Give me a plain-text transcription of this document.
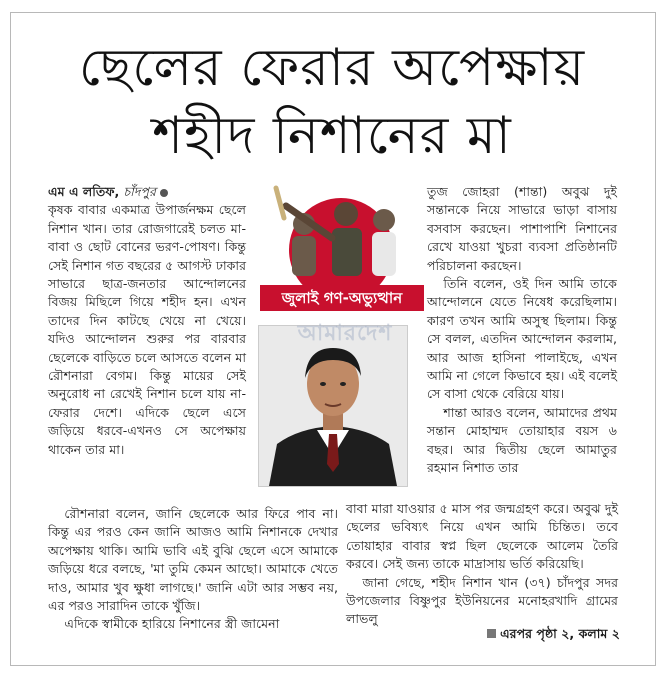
ছেলের ফেরার অপেক্ষায়
শহীদ নিশানের মা

এম এ লতিফ, চাঁদপুর

কৃষক বাবার একমাত্র উপার্জনক্ষম ছেলে নিশান খান। তার রোজগারেই চলত মা-বাবা ও ছোট বোনের ভরণ-পোষণ। কিন্তু সেই নিশান গত বছরের ৫ আগস্ট ঢাকার সাভারে ছাত্র-জনতার আন্দোলনের বিজয় মিছিলে গিয়ে শহীদ হন। এখন তাদের দিন কাটছে খেয়ে না খেয়ে। যদিও আন্দোলন শুরুর পর বারবার ছেলেকে বাড়িতে চলে আসতে বলেন মা রৌশনারা বেগম। কিন্তু মায়ের সেই অনুরোধ না রেখেই নিশান চলে যায় না-ফেরার দেশে। এদিকে ছেলে এসে জড়িয়ে ধরবে-এখনও সে অপেক্ষায় থাকেন তার মা।

জুলাই গণ-অভ্যুত্থান
আমারদেশ

তুজ জোহরা (শান্তা) অবুঝ দুই সন্তানকে নিয়ে সাভারে ভাড়া বাসায় বসবাস করছেন। পাশাপাশি নিশানের রেখে যাওয়া খুচরা ব্যবসা প্রতিষ্ঠানটি পরিচালনা করছেন।

তিনি বলেন, ওই দিন আমি তাকে আন্দোলনে যেতে নিষেধ করেছিলাম। কারণ তখন আমি অসুস্থ ছিলাম। কিন্তু সে বলল, এতদিন আন্দোলন করলাম, আর আজ হাসিনা পালাইছে, এখন আমি না গেলে কিভাবে হয়। এই বলেই সে বাসা থেকে বেরিয়ে যায়।

শান্তা আরও বলেন, আমাদের প্রথম সন্তান মোহাম্মদ তোয়াহার বয়স ৬ বছর। আর দ্বিতীয় ছেলে আমাতুর রহমান নিশাত তার

রৌশনারা বলেন, জানি ছেলেকে আর ফিরে পাব না। কিন্তু এর পরও কেন জানি আজও আমি নিশানকে দেখার অপেক্ষায় থাকি। আমি ভাবি এই বুঝি ছেলে এসে আমাকে জড়িয়ে ধরে বলছে, 'মা তুমি কেমন আছো। আমাকে খেতে দাও, আমার খুব ক্ষুধা লাগছে।' জানি এটা আর সম্ভব নয়, এর পরও সারাদিন তাকে খুঁজি।

এদিকে স্বামীকে হারিয়ে নিশানের স্ত্রী জামেনা

বাবা মারা যাওয়ার ৫ মাস পর জন্মগ্রহণ করে। অবুঝ দুই ছেলের ভবিষ্যৎ নিয়ে এখন আমি চিন্তিত। তবে তোয়াহার বাবার স্বপ্ন ছিল ছেলেকে আলেম তৈরি করবে। সেই জন্য তাকে মাদ্রাসায় ভর্তি করিয়েছি।

জানা গেছে, শহীদ নিশান খান (৩৭) চাঁদপুর সদর উপজেলার বিষ্ণুপুর ইউনিয়নের মনোহরখাদি গ্রামের লাভলু

এরপর পৃষ্ঠা ২, কলাম ২
